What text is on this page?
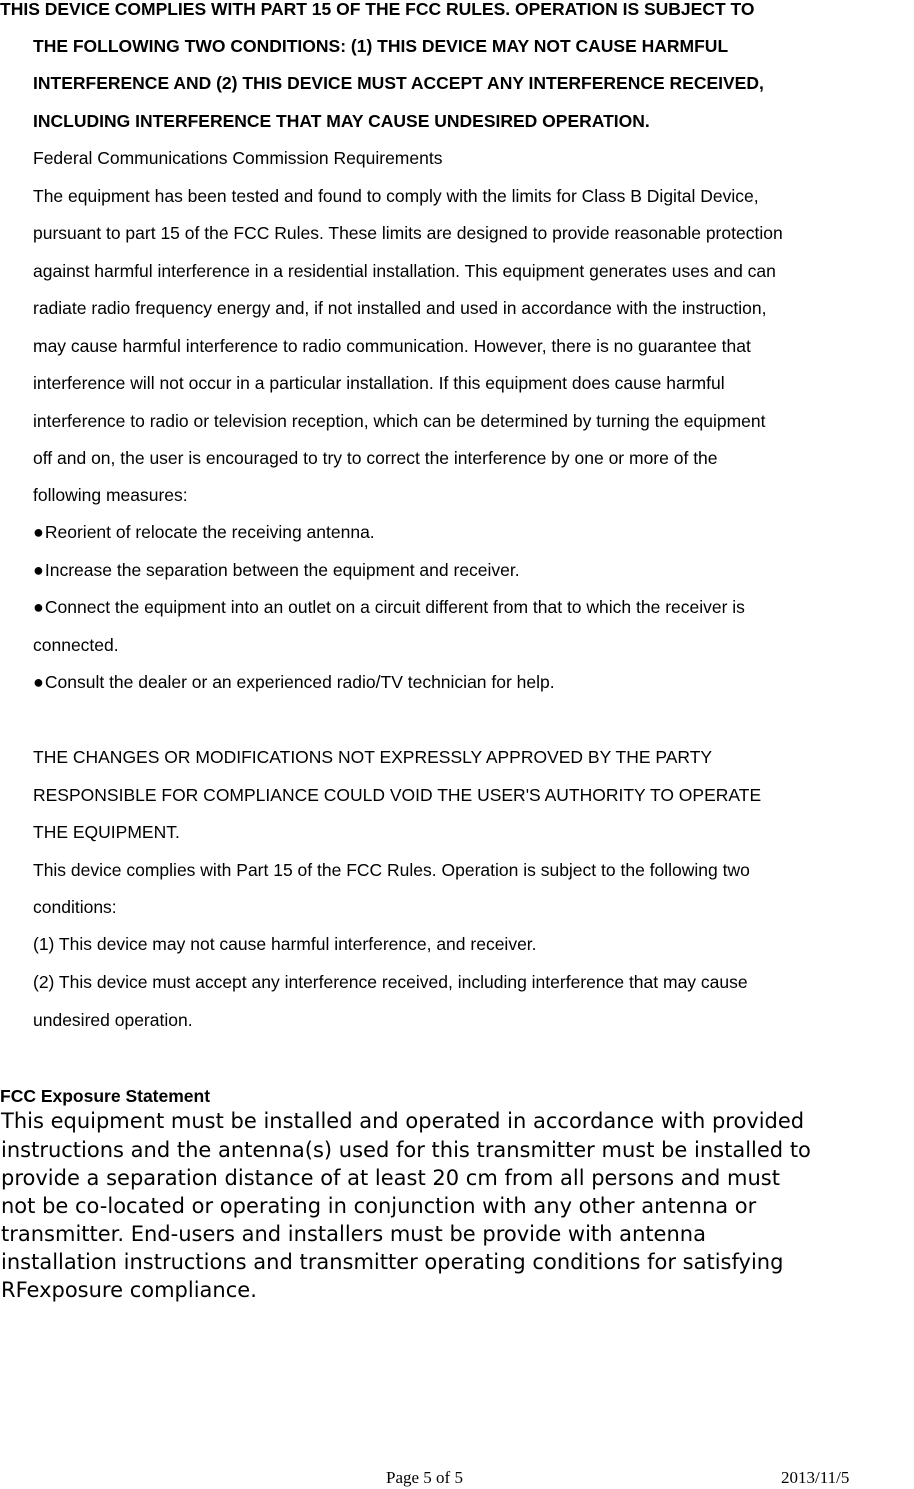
THIS DEVICE COMPLIES WITH PART 15 OF THE FCC RULES. OPERATION IS SUBJECT TO
THE FOLLOWING TWO CONDITIONS: (1) THIS DEVICE MAY NOT CAUSE HARMFUL
INTERFERENCE AND (2) THIS DEVICE MUST ACCEPT ANY INTERFERENCE RECEIVED,
INCLUDING INTERFERENCE THAT MAY CAUSE UNDESIRED OPERATION.
Federal Communications Commission Requirements
The equipment has been tested and found to comply with the limits for Class B Digital Device,
pursuant to part 15 of the FCC Rules. These limits are designed to provide reasonable protection
against harmful interference in a residential installation. This equipment generates uses and can
radiate radio frequency energy and, if not installed and used in accordance with the instruction,
may cause harmful interference to radio communication. However, there is no guarantee that
interference will not occur in a particular installation. If this equipment does cause harmful
interference to radio or television reception, which can be determined by turning the equipment
off and on, the user is encouraged to try to correct the interference by one or more of the
following measures:
●Reorient of relocate the receiving antenna.
●Increase the separation between the equipment and receiver.
●Connect the equipment into an outlet on a circuit different from that to which the receiver is
connected.
●Consult the dealer or an experienced radio/TV technician for help.
THE CHANGES OR MODIFICATIONS NOT EXPRESSLY APPROVED BY THE PARTY
RESPONSIBLE FOR COMPLIANCE COULD VOID THE USER'S AUTHORITY TO OPERATE
THE EQUIPMENT.
This device complies with Part 15 of the FCC Rules. Operation is subject to the following two
conditions:
(1) This device may not cause harmful interference, and receiver.
(2) This device must accept any interference received, including interference that may cause
undesired operation.
FCC Exposure Statement
This equipment must be installed and operated in accordance with provided
instructions and the antenna(s) used for this transmitter must be installed to
provide a separation distance of at least 20 cm from all persons and must
not be co-located or operating in conjunction with any other antenna or
transmitter. End-users and installers must be provide with antenna
installation instructions and transmitter operating conditions for satisfying
RFexposure compliance.
Page 5 of 5	2013/11/5
